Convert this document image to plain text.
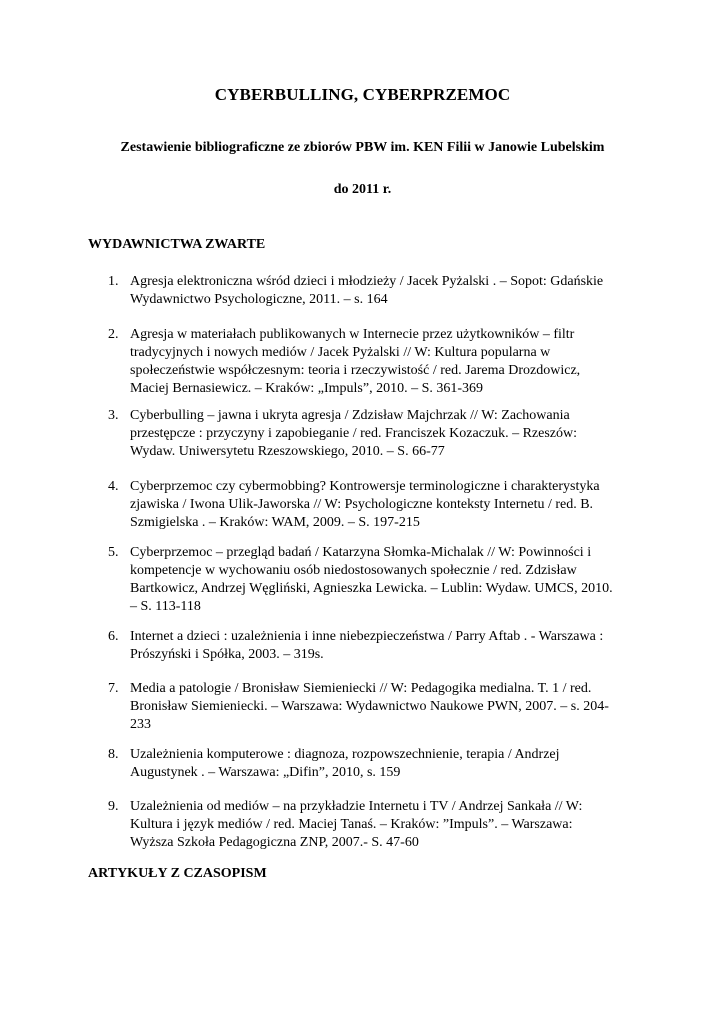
CYBERBULLING, CYBERPRZEMOC

Zestawienie bibliograficzne ze zbiorów PBW im. KEN Filii w Janowie Lubelskim

do 2011 r.

WYDAWNICTWA ZWARTE
1. Agresja elektroniczna wśród dzieci i młodzieży / Jacek Pyżalski . – Sopot: Gdańskie
Wydawnictwo Psychologiczne, 2011. – s. 164
2. Agresja w materiałach publikowanych w Internecie przez użytkowników – filtr
tradycyjnych i nowych mediów / Jacek Pyżalski // W: Kultura popularna w
społeczeństwie współczesnym: teoria i rzeczywistość / red. Jarema Drozdowicz,
Maciej Bernasiewicz. – Kraków: „Impuls”, 2010. – S. 361-369
3. Cyberbulling – jawna i ukryta agresja / Zdzisław Majchrzak // W: Zachowania
przestępcze : przyczyny i zapobieganie / red. Franciszek Kozaczuk. – Rzeszów:
Wydaw. Uniwersytetu Rzeszowskiego, 2010. – S. 66-77
4. Cyberprzemoc czy cybermobbing? Kontrowersje terminologiczne i charakterystyka
zjawiska / Iwona Ulik-Jaworska // W: Psychologiczne konteksty Internetu / red. B.
Szmigielska . – Kraków: WAM, 2009. – S. 197-215
5. Cyberprzemoc – przegląd badań / Katarzyna Słomka-Michalak // W: Powinności i
kompetencje w wychowaniu osób niedostosowanych społecznie / red. Zdzisław
Bartkowicz, Andrzej Węgliński, Agnieszka Lewicka. – Lublin: Wydaw. UMCS, 2010.
– S. 113-118
6. Internet a dzieci : uzależnienia i inne niebezpieczeństwa / Parry Aftab . - Warszawa :
Prószyński i Spółka, 2003. – 319s.
7. Media a patologie / Bronisław Siemieniecki // W: Pedagogika medialna. T. 1 / red.
Bronisław Siemieniecki. – Warszawa: Wydawnictwo Naukowe PWN, 2007. – s. 204-
233
8. Uzależnienia komputerowe : diagnoza, rozpowszechnienie, terapia / Andrzej
Augustynek . – Warszawa: „Difin”, 2010, s. 159
9. Uzależnienia od mediów – na przykładzie Internetu i TV / Andrzej Sankała // W:
Kultura i język mediów / red. Maciej Tanaś. – Kraków: ”Impuls”. – Warszawa:
Wyższa Szkoła Pedagogiczna ZNP, 2007.- S. 47-60
ARTYKUŁY Z CZASOPISM
